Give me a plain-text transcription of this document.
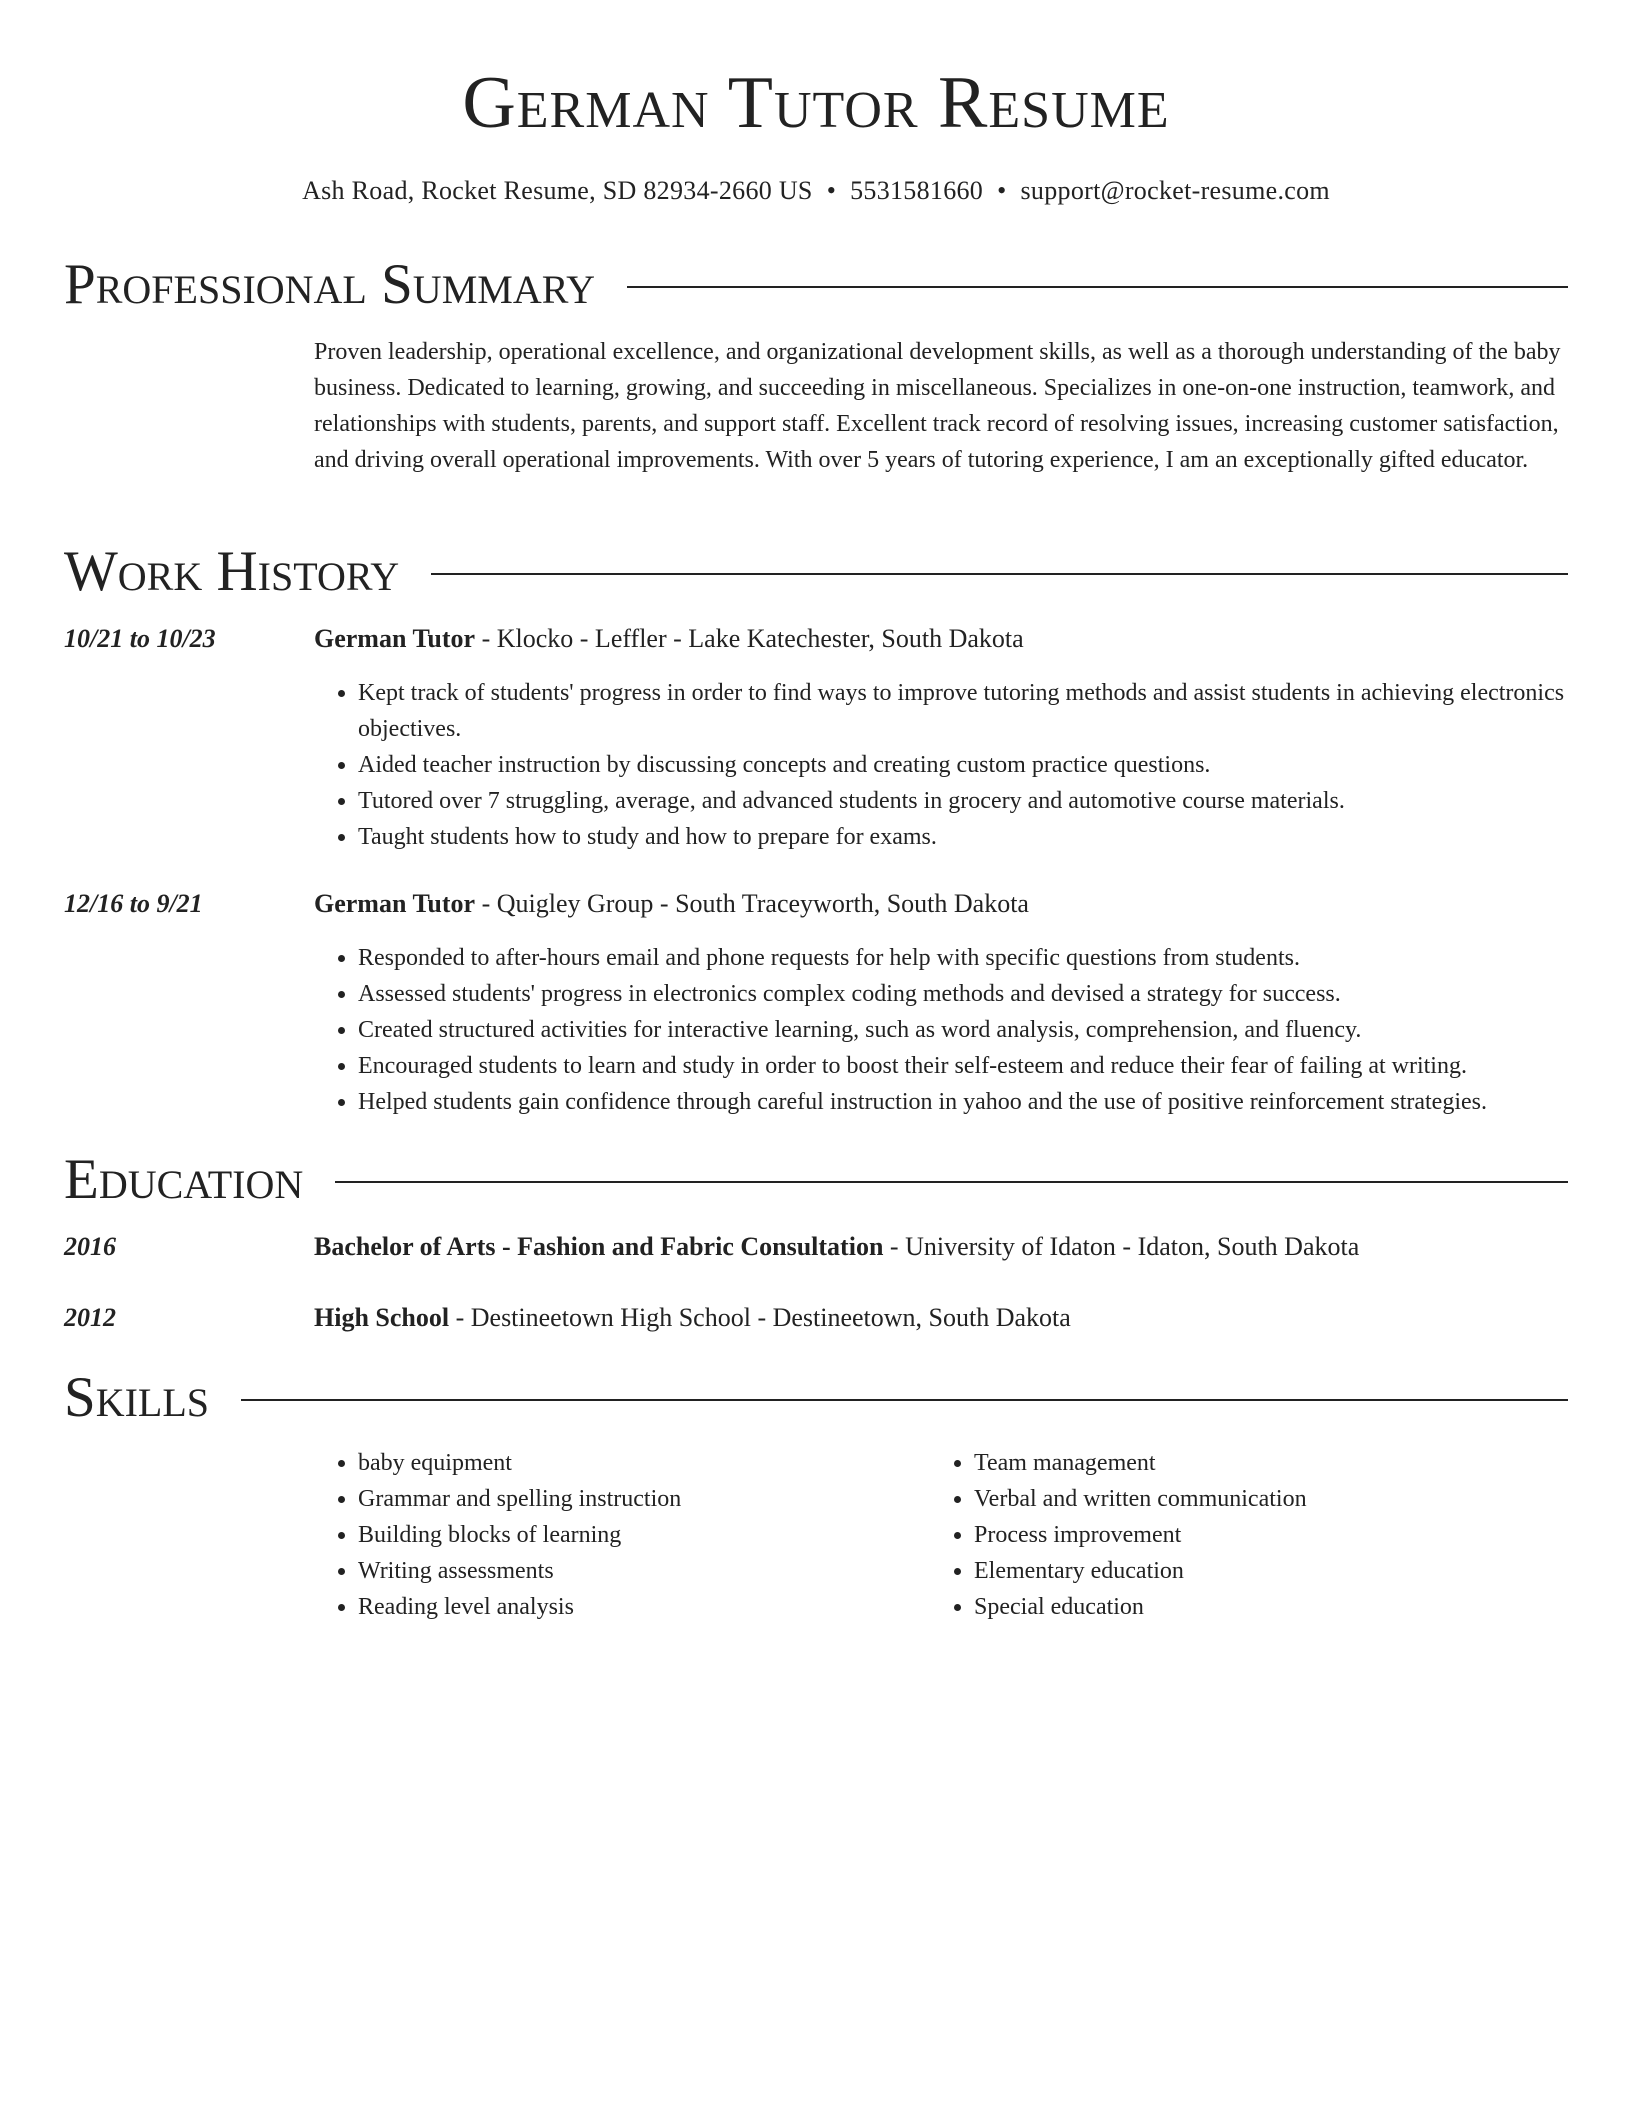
German Tutor Resume
Ash Road, Rocket Resume, SD 82934-2660 US • 5531581660 • support@rocket-resume.com
Professional Summary

Proven leadership, operational excellence, and organizational development skills, as well as a thorough understanding of the baby business. Dedicated to learning, growing, and succeeding in miscellaneous. Specializes in one-on-one instruction, teamwork, and relationships with students, parents, and support staff. Excellent track record of resolving issues, increasing customer satisfaction, and driving overall operational improvements. With over 5 years of tutoring experience, I am an exceptionally gifted educator.

Work History
10/21 to 10/23	German Tutor - Klocko - Leffler - Lake Katechester, South Dakota

• Kept track of students' progress in order to find ways to improve tutoring methods and assist students in achieving electronics objectives.
• Aided teacher instruction by discussing concepts and creating custom practice questions.
• Tutored over 7 struggling, average, and advanced students in grocery and automotive course materials.
• Taught students how to study and how to prepare for exams.
12/16 to 9/21	German Tutor - Quigley Group - South Traceyworth, South Dakota

• Responded to after-hours email and phone requests for help with specific questions from students.
• Assessed students' progress in electronics complex coding methods and devised a strategy for success.
• Created structured activities for interactive learning, such as word analysis, comprehension, and fluency.
• Encouraged students to learn and study in order to boost their self-esteem and reduce their fear of failing at writing.
• Helped students gain confidence through careful instruction in yahoo and the use of positive reinforcement strategies.
Education
2016	Bachelor of Arts - Fashion and Fabric Consultation - University of Idaton - Idaton, South Dakota

2012	High School - Destineetown High School - Destineetown, South Dakota

Skills
• baby equipment
• Grammar and spelling instruction
• Building blocks of learning
• Writing assessments
• Reading level analysis
• Team management
• Verbal and written communication
• Process improvement
• Elementary education
• Special education
